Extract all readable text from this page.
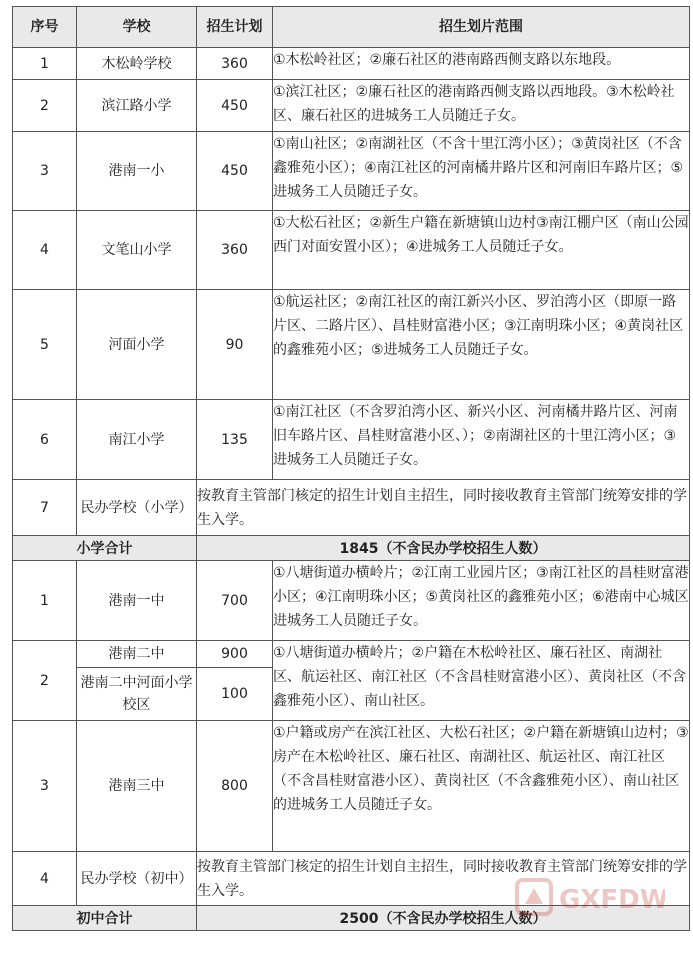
序号	学校	招生计划	招生划片范围
1	木松岭学校	360	①木松岭社区；②廉石社区的港南路西侧支路以东地段。
2	滨江路小学	450	①滨江社区；②廉石社区的港南路西侧支路以西地段。③木松岭社区、廉石社区的进城务工人员随迁子女。
3	港南一小	450	①南山社区；②南湖社区（不含十里江湾小区）；③黄岗社区（不含鑫雅苑小区）；④南江社区的河南橘井路片区和河南旧车路片区；⑤进城务工人员随迁子女。
4	文笔山小学	360	①大松石社区；②新生户籍在新塘镇山边村③南江棚户区（南山公园西门对面安置小区）；④进城务工人员随迁子女。
5	河面小学	90	①航运社区；②南江社区的南江新兴小区、罗泊湾小区（即原一路片区、二路片区）、昌桂财富港小区；③江南明珠小区；④黄岗社区的鑫雅苑小区；⑤进城务工人员随迁子女。
6	南江小学	135	①南江社区（不含罗泊湾小区、新兴小区、河南橘井路片区、河南旧车路片区、昌桂财富港小区、）；②南湖社区的十里江湾小区；③进城务工人员随迁子女。
7	民办学校（小学）	按教育主管部门核定的招生计划自主招生，同时接收教育主管部门统筹安排的学生入学。	
小学合计		1845（不含民办学校招生人数）	
1	港南一中	700	①八塘街道办横岭片；②江南工业园片区；③南江社区的昌桂财富港小区；④江南明珠小区；⑤黄岗社区的鑫雅苑小区；⑥港南中心城区进城务工人员随迁子女。
2	港南二中	900	①八塘街道办横岭片；②户籍在木松岭社区、廉石社区、南湖社区、航运社区、南江社区（不含昌桂财富港小区）、黄岗社区（不含鑫雅苑小区）、南山社区。
	港南二中河面小学校区	100	
3	港南三中	800	①户籍或房产在滨江社区、大松石社区；②户籍在新塘镇山边村；③房产在木松岭社区、廉石社区、南湖社区、航运社区、南江社区（不含昌桂财富港小区）、黄岗社区（不含鑫雅苑小区）、南山社区的进城务工人员随迁子女。
4	民办学校（初中）	按教育主管部门核定的招生计划自主招生，同时接收教育主管部门统筹安排的学生入学。	
初中合计		2500（不含民办学校招生人数）	
GXFDW
